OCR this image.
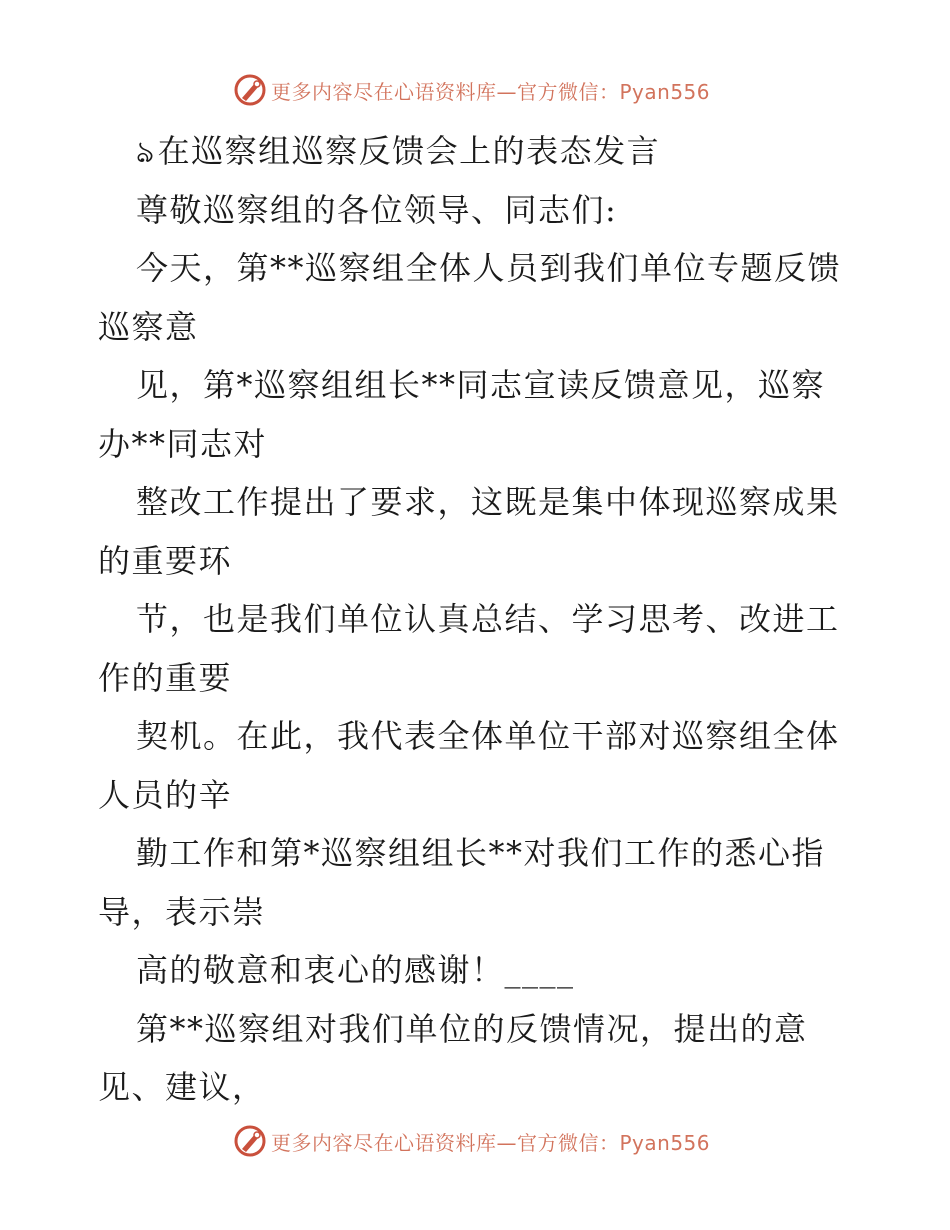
更多内容尽在心语资料库—官方微信：Pyan556
ঌ在巡察组巡察反馈会上的表态发言
尊敬巡察组的各位领导、同志们:
今天，第**巡察组全体人员到我们单位专题反馈
巡察意
见，第*巡察组组长**同志宣读反馈意见，巡察
办**同志对
整改工作提出了要求，这既是集中体现巡察成果
的重要环
节，也是我们单位认真总结、学习思考、改进工
作的重要
契机。在此，我代表全体单位干部对巡察组全体
人员的辛
勤工作和第*巡察组组长**对我们工作的悉心指
导，表示崇
高的敬意和衷心的感谢！____
第**巡察组对我们单位的反馈情况，提出的意
见、建议，
更多内容尽在心语资料库—官方微信：Pyan556
